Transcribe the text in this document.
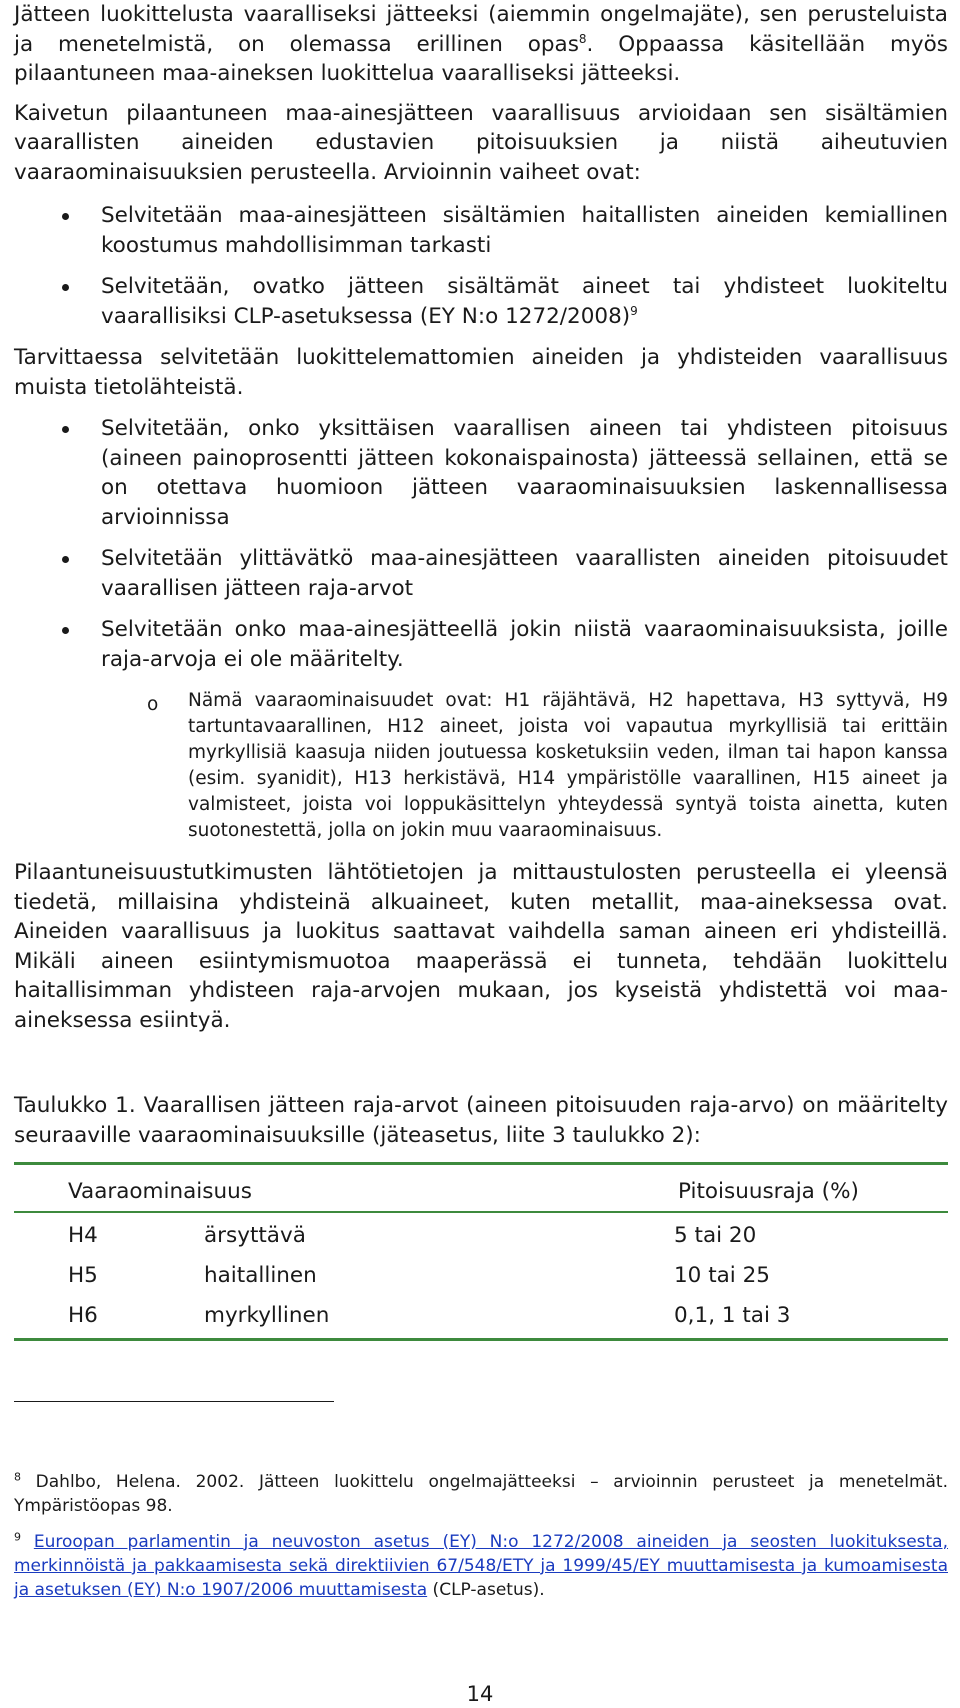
Jätteen luokittelusta vaaralliseksi jätteeksi (aiemmin ongelmajäte), sen perusteluista ja menetelmistä, on olemassa erillinen opas$^8$. Oppaassa käsitellään myös pilaantuneen maa-aineksen luokittelua vaaralliseksi jätteeksi.

Kaivetun pilaantuneen maa-ainesjätteen vaarallisuus arvioidaan sen sisältämien vaarallisten aineiden edustavien pitoisuuksien ja niistä aiheutuvien vaaraominaisuuksien perusteella. Arvioinnin vaiheet ovat:

Selvitetään maa-ainesjätteen sisältämien haitallisten aineiden kemiallinen koostumus mahdollisimman tarkasti
Selvitetään, ovatko jätteen sisältämät aineet tai yhdisteet luokiteltu vaarallisiksi CLP-asetuksessa (EY N:o 1272/2008)$^9$

Tarvittaessa selvitetään luokittelemattomien aineiden ja yhdisteiden vaarallisuus muista tietolähteistä.

Selvitetään, onko yksittäisen vaarallisen aineen tai yhdisteen pitoisuus (aineen painoprosentti jätteen kokonaispainosta) jätteessä sellainen, että se on otettava huomioon jätteen vaaraominaisuuksien laskennallisessa arvioinnissa
Selvitetään ylittävätkö maa-ainesjätteen vaarallisten aineiden pitoisuudet vaarallisen jätteen raja-arvot
Selvitetään onko maa-ainesjätteellä jokin niistä vaaraominaisuuksista, joille raja-arvoja ei ole määritelty.

o Nämä vaaraominaisuudet ovat: H1 räjähtävä, H2 hapettava, H3 syttyvä, H9 tartuntavaarallinen, H12 aineet, joista voi vapautua myrkyllisiä tai erittäin myrkyllisiä kaasuja niiden joutuessa kosketuksiin veden, ilman tai hapon kanssa (esim. syanidit), H13 herkistävä, H14 ympäristölle vaarallinen, H15 aineet ja valmisteet, joista voi loppukäsittelyn yhteydessä syntyä toista ainetta, kuten suotonestettä, jolla on jokin muu vaaraominaisuus.

Pilaantuneisuustutkimusten lähtötietojen ja mittaustulosten perusteella ei yleensä tiedetä, millaisina yhdisteinä alkuaineet, kuten metallit, maa-aineksessa ovat. Aineiden vaarallisuus ja luokitus saattavat vaihdella saman aineen eri yhdisteillä. Mikäli aineen esiintymismuotoa maaperässä ei tunneta, tehdään luokittelu haitallisimman yhdisteen raja-arvojen mukaan, jos kyseistä yhdistettä voi maa-aineksessa esiintyä.

Taulukko 1. Vaarallisen jätteen raja-arvot (aineen pitoisuuden raja-arvo) on määritelty seuraaville vaaraominaisuuksille (jäteasetus, liite 3 taulukko 2):

	Vaaraominaisuus	Pitoisuusraja (%)
	H4	ärsyttävä	5 tai 20
	H5	haitallinen	10 tai 25
	H6	myrkyllinen	0,1, 1 tai 3

$^8$ Dahlbo, Helena. 2002. Jätteen luokittelu ongelmajätteeksi – arvioinnin perusteet ja menetelmät. Ympäristöopas 98.

$^9$ Euroopan parlamentin ja neuvoston asetus (EY) N:o 1272/2008 aineiden ja seosten luokituksesta, merkinnöistä ja pakkaamisesta sekä direktiivien 67/548/ETY ja 1999/45/EY muuttamisesta ja kumoamisesta ja asetuksen (EY) N:o 1907/2006 muuttamisesta (CLP-asetus).

14
